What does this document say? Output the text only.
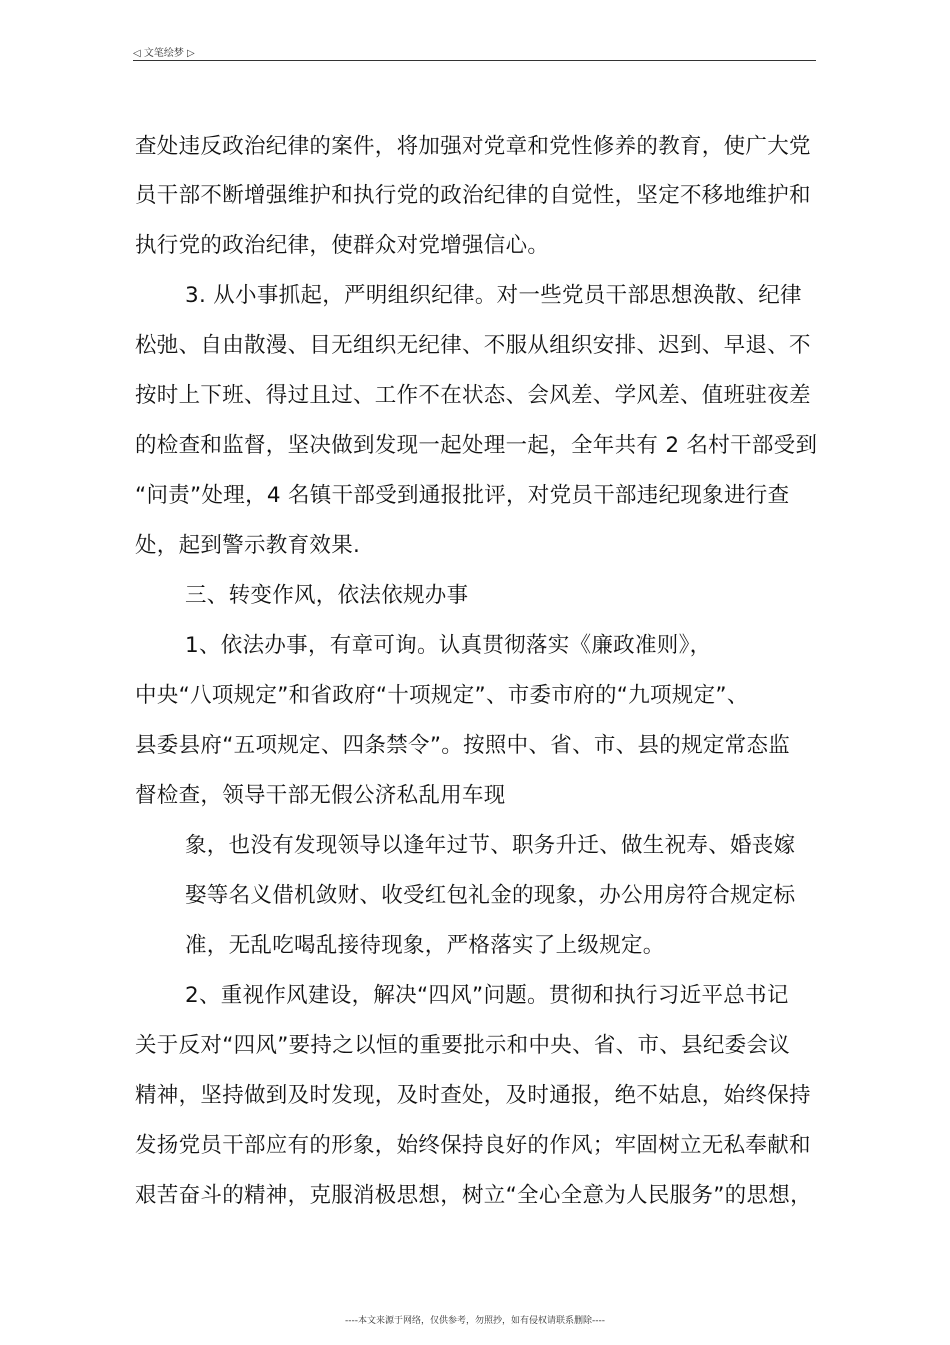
◁ 文笔绘梦 ▷
查处违反政治纪律的案件，将加强对党章和党性修养的教育，使广大党
员干部不断增强维护和执行党的政治纪律的自觉性，坚定不移地维护和
执行党的政治纪律，使群众对党增强信心。
3. 从小事抓起，严明组织纪律。对一些党员干部思想涣散、纪律
松弛、自由散漫、目无组织无纪律、不服从组织安排、迟到、早退、不
按时上下班、得过且过、工作不在状态、会风差、学风差、值班驻夜差
的检查和监督，坚决做到发现一起处理一起，全年共有 2 名村干部受到
“问责”处理，4 名镇干部受到通报批评，对党员干部违纪现象进行查
处，起到警示教育效果.
三、转变作风，依法依规办事
1、依法办事，有章可询。认真贯彻落实《廉政准则》，
中央“八项规定”和省政府“十项规定”、市委市府的“九项规定”、
县委县府“五项规定、四条禁令”。按照中、省、市、县的规定常态监
督检查，领导干部无假公济私乱用车现
象，也没有发现领导以逢年过节、职务升迁、做生祝寿、婚丧嫁
娶等名义借机敛财、收受红包礼金的现象，办公用房符合规定标
准，无乱吃喝乱接待现象，严格落实了上级规定。
2、重视作风建设，解决“四风”问题。贯彻和执行习近平总书记
关于反对“四风”要持之以恒的重要批示和中央、省、市、县纪委会议
精神，坚持做到及时发现，及时查处，及时通报，绝不姑息，始终保持
发扬党员干部应有的形象，始终保持良好的作风；牢固树立无私奉献和
艰苦奋斗的精神，克服消极思想，树立“全心全意为人民服务”的思想，
----本文来源于网络，仅供参考，勿照抄，如有侵权请联系删除----
